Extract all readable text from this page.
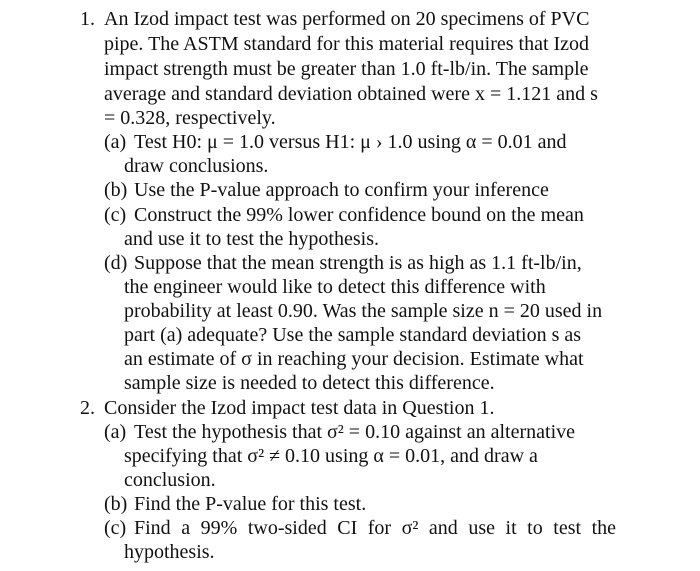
1. An Izod impact test was performed on 20 specimens of PVC
pipe. The ASTM standard for this material requires that Izod
impact strength must be greater than 1.0 ft-lb/in. The sample
average and standard deviation obtained were x = 1.121 and s
= 0.328, respectively.
(a) Test H0: μ = 1.0 versus H1: μ › 1.0 using α = 0.01 and
draw conclusions.
(b) Use the P-value approach to confirm your inference
(c) Construct the 99% lower confidence bound on the mean
and use it to test the hypothesis.
(d) Suppose that the mean strength is as high as 1.1 ft-lb/in,
the engineer would like to detect this difference with
probability at least 0.90. Was the sample size n = 20 used in
part (a) adequate? Use the sample standard deviation s as
an estimate of σ in reaching your decision. Estimate what
sample size is needed to detect this difference.
2. Consider the Izod impact test data in Question 1.
(a) Test the hypothesis that σ² = 0.10 against an alternative
specifying that σ² ≠ 0.10 using α = 0.01, and draw a
conclusion.
(b) Find the P-value for this test.
(c) Find a 99% two-sided CI for σ² and use it to test the
hypothesis.
